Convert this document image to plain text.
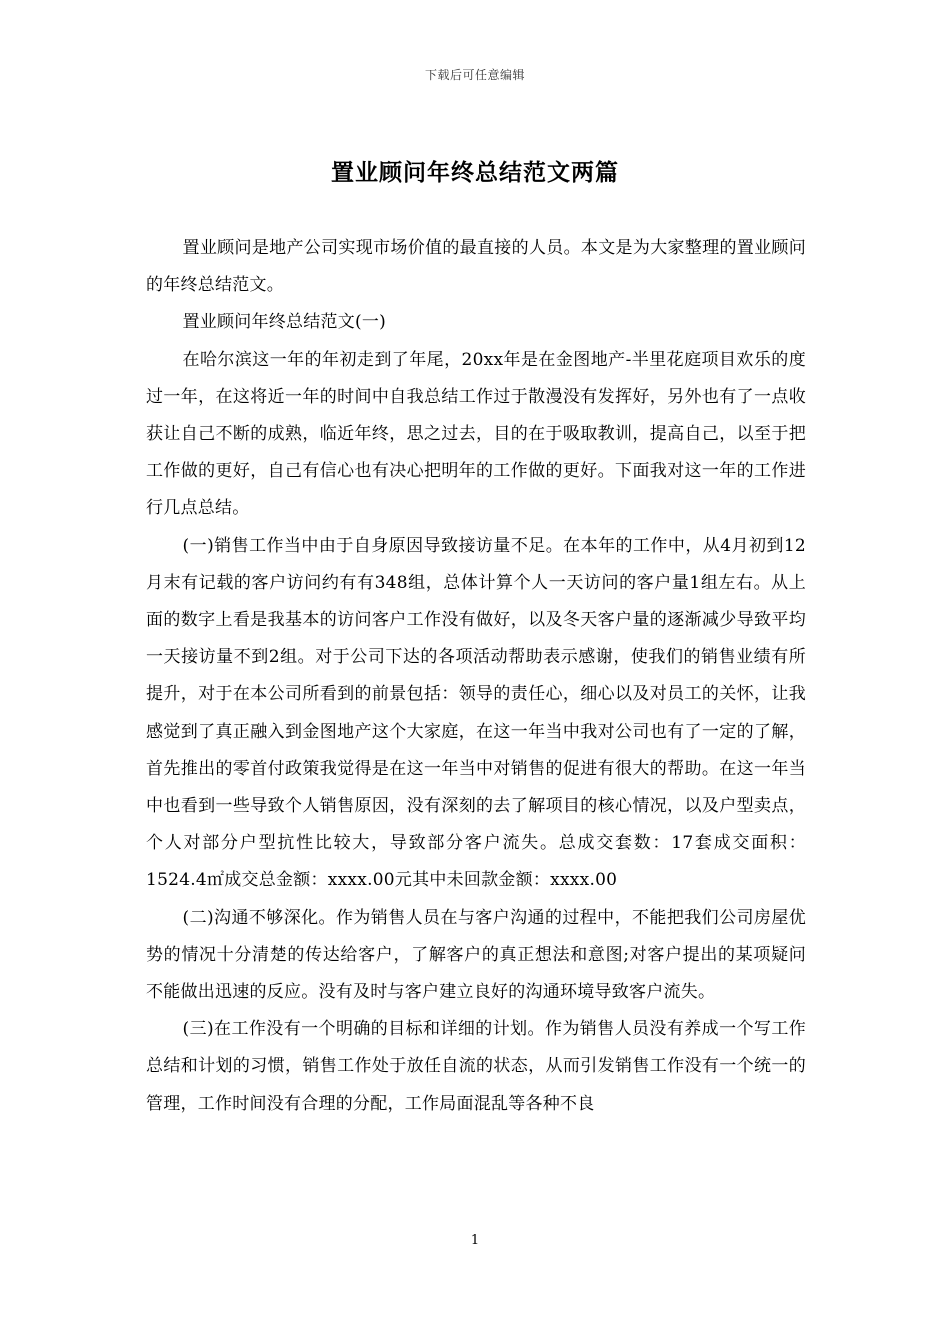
下载后可任意编辑
置业顾问年终总结范文两篇

置业顾问是地产公司实现市场价值的最直接的人员。本文是为大家整理的置业顾问的年终总结范文。

置业顾问年终总结范文(一)

在哈尔滨这一年的年初走到了年尾，20xx年是在金图地产-半里花庭项目欢乐的度过一年，在这将近一年的时间中自我总结工作过于散漫没有发挥好，另外也有了一点收获让自己不断的成熟，临近年终，思之过去，目的在于吸取教训，提高自己，以至于把工作做的更好，自己有信心也有决心把明年的工作做的更好。下面我对这一年的工作进行几点总结。

(一)销售工作当中由于自身原因导致接访量不足。在本年的工作中，从4月初到12月末有记载的客户访问约有有348组，总体计算个人一天访问的客户量1组左右。从上面的数字上看是我基本的访问客户工作没有做好，以及冬天客户量的逐渐减少导致平均一天接访量不到2组。对于公司下达的各项活动帮助表示感谢，使我们的销售业绩有所提升，对于在本公司所看到的前景包括：领导的责任心，细心以及对员工的关怀，让我感觉到了真正融入到金图地产这个大家庭，在这一年当中我对公司也有了一定的了解，首先推出的零首付政策我觉得是在这一年当中对销售的促进有很大的帮助。在这一年当中也看到一些导致个人销售原因，没有深刻的去了解项目的核心情况，以及户型卖点，个人对部分户型抗性比较大，导致部分客户流失。总成交套数：17套成交面积：1524.4㎡成交总金额：xxxx.00元其中未回款金额：xxxx.00

(二)沟通不够深化。作为销售人员在与客户沟通的过程中，不能把我们公司房屋优势的情况十分清楚的传达给客户，了解客户的真正想法和意图;对客户提出的某项疑问不能做出迅速的反应。没有及时与客户建立良好的沟通环境导致客户流失。

(三)在工作没有一个明确的目标和详细的计划。作为销售人员没有养成一个写工作总结和计划的习惯，销售工作处于放任自流的状态，从而引发销售工作没有一个统一的管理，工作时间没有合理的分配，工作局面混乱等各种不良

1
